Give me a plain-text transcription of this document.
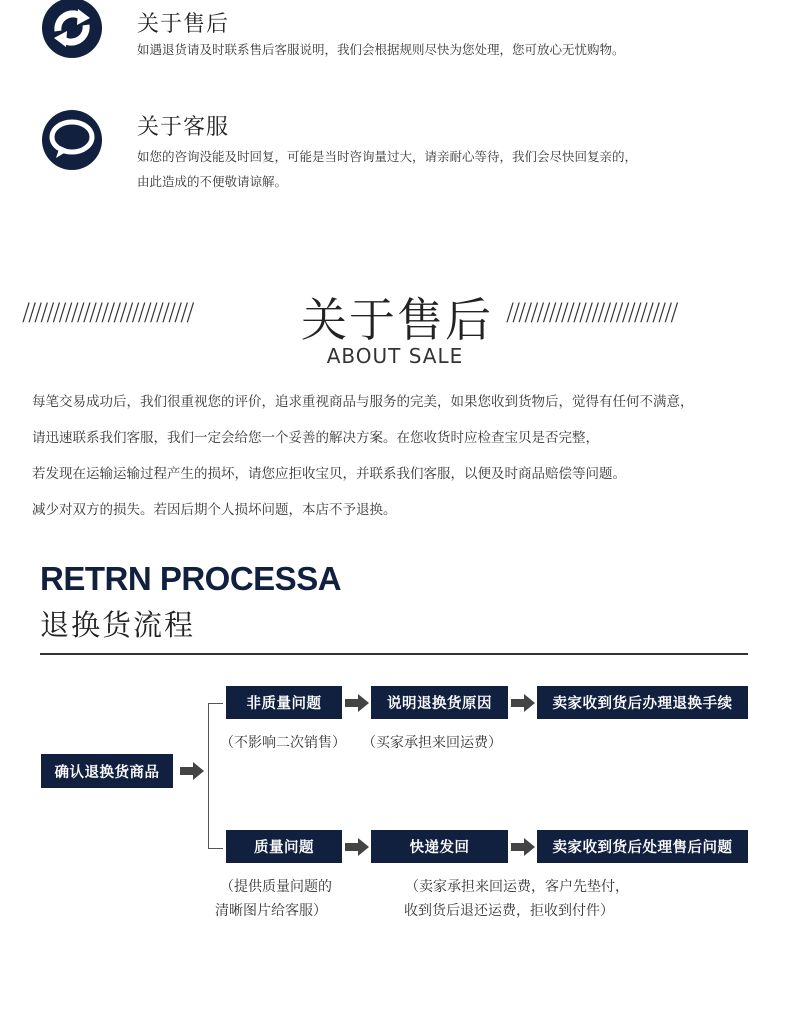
关于售后
如遇退货请及时联系售后客服说明，我们会根据规则尽快为您处理，您可放心无忧购物。
关于客服
如您的咨询没能及时回复，可能是当时咨询量过大，请亲耐心等待，我们会尽快回复亲的，
由此造成的不便敬请谅解。
//////////////////////////// 关于售后 ////////////////////////////
ABOUT SALE
每笔交易成功后，我们很重视您的评价，追求重视商品与服务的完美，如果您收到货物后，觉得有任何不满意，
请迅速联系我们客服，我们一定会给您一个妥善的解决方案。在您收货时应检查宝贝是否完整，
若发现在运输运输过程产生的损坏，请您应拒收宝贝，并联系我们客服，以便及时商品赔偿等问题。
减少对双方的损失。若因后期个人损坏问题，本店不予退换。
RETRN PROCESSA
退换货流程
确认退换货商品
非质量问题	说明退换货原因	卖家收到货后办理退换手续
（不影响二次销售） （买家承担来回运费）
质量问题	快递发回	卖家收到货后处理售后问题
（提供质量问题的
清晰图片给客服）
（卖家承担来回运费，客户先垫付，
收到货后退还运费，拒收到付件）
